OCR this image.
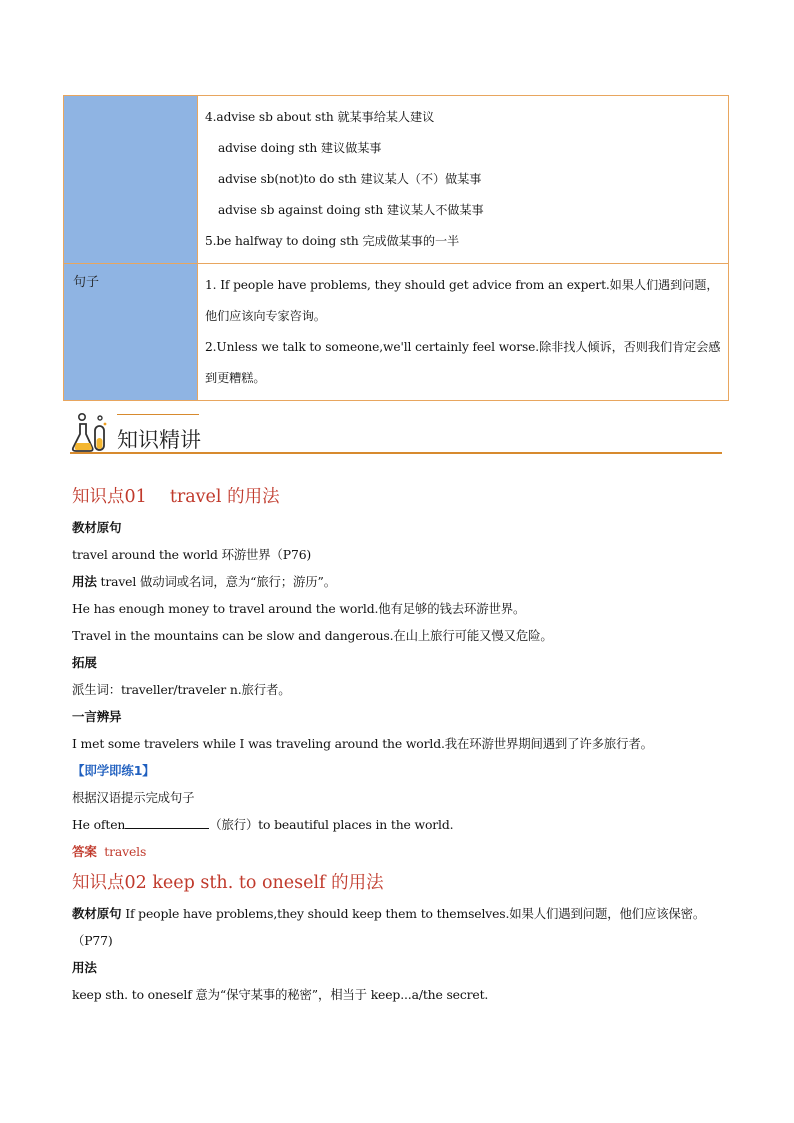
	4.advise sb about sth 就某事给某人建议
advise doing sth 建议做某事
advise sb(not)to do sth 建议某人（不）做某事
advise sb against doing sth 建议某人不做某事
5.be halfway to doing sth 完成做某事的一半

句子	1. If people have problems, they should get advice from an expert.如果人们遇到问题，他们应该向专家咨询。
2.Unless we talk to someone,we'll certainly feel worse.除非找人倾诉，否则我们肯定会感到更糟糕。
知识精讲
知识点01　 travel 的用法
教材原句
travel around the world 环游世界（P76)
用法 travel 做动词或名词，意为“旅行；游历”。
He has enough money to travel around the world.他有足够的钱去环游世界。
Travel in the mountains can be slow and dangerous.在山上旅行可能又慢又危险。
拓展
派生词：traveller/traveler n.旅行者。
一言辨异
I met some travelers while I was traveling around the world.我在环游世界期间遇到了许多旅行者。
【即学即练1】
根据汉语提示完成句子
He often	（旅行）to beautiful places in the world.
答案 travels
知识点02 keep sth. to oneself 的用法
教材原句 If people have problems,they should keep them to themselves.如果人们遇到问题，他们应该保密。（P77)
用法
keep sth. to oneself 意为“保守某事的秘密”，相当于 keep...a/the secret.
